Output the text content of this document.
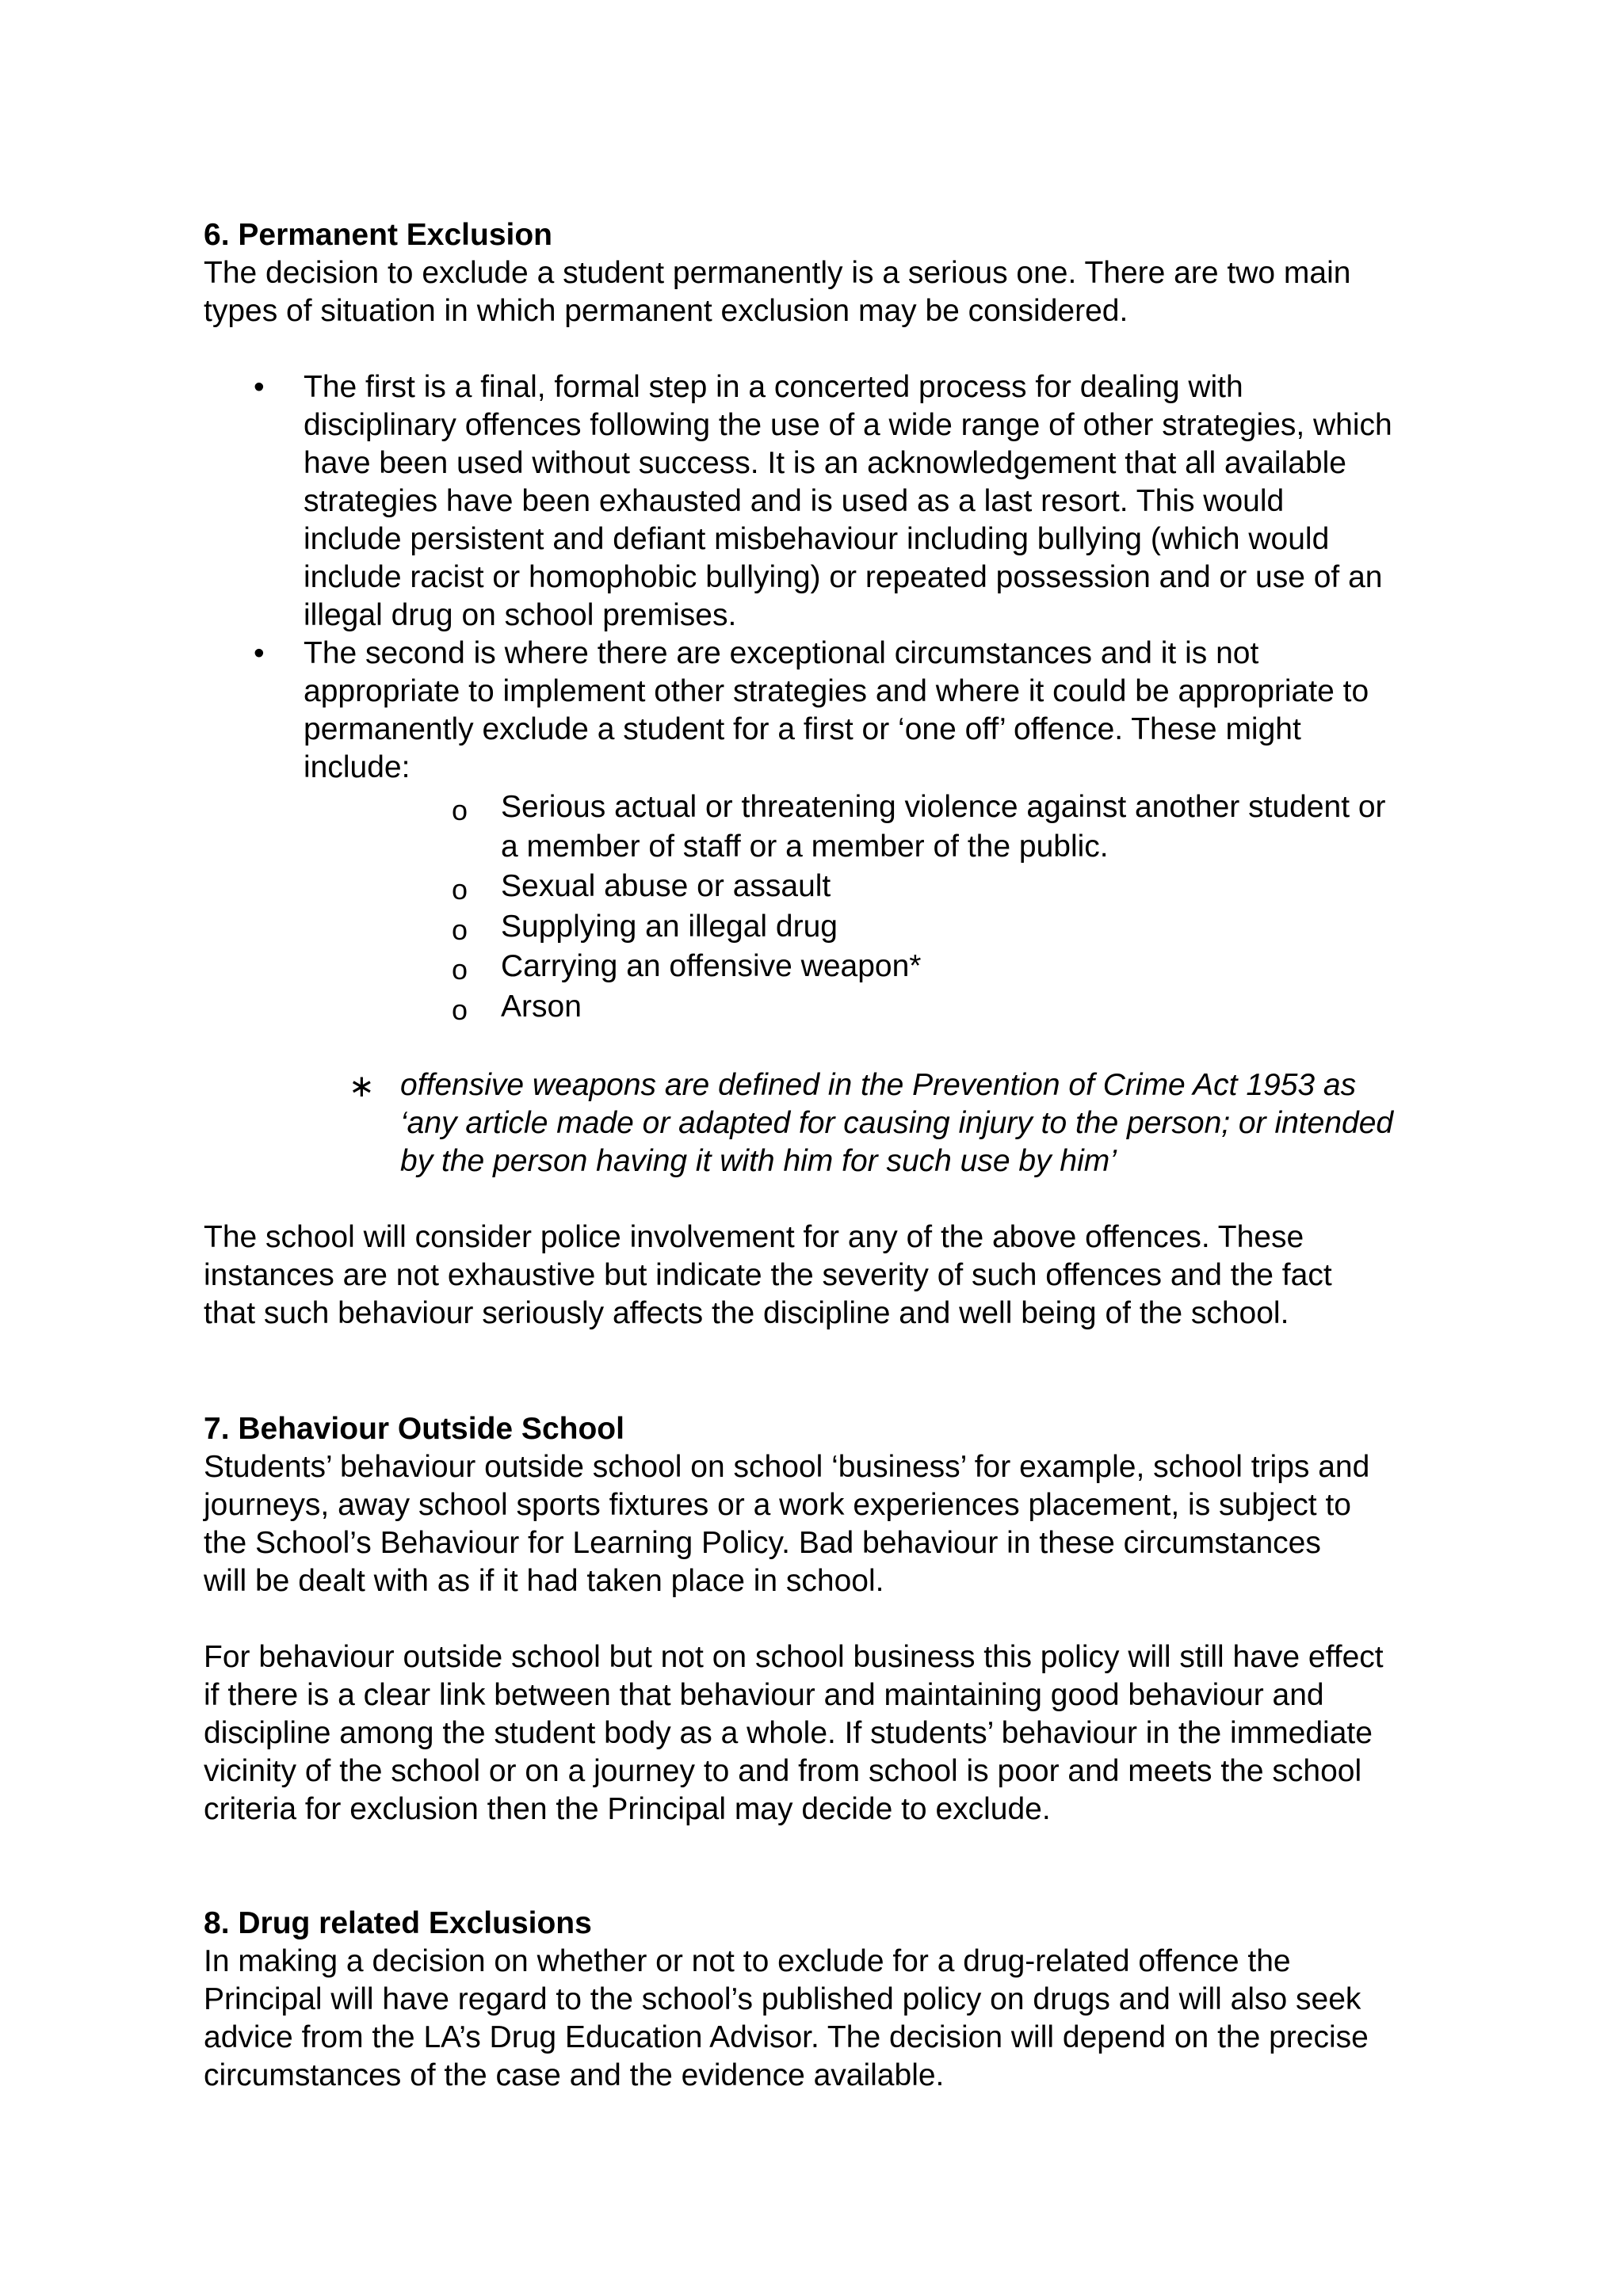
6. Permanent Exclusion
The decision to exclude a student permanently is a serious one. There are two main
types of situation in which permanent exclusion may be considered.
• The first is a final, formal step in a concerted process for dealing with
disciplinary offences following the use of a wide range of other strategies, which
have been used without success. It is an acknowledgement that all available
strategies have been exhausted and is used as a last resort. This would
include persistent and defiant misbehaviour including bullying (which would
include racist or homophobic bullying) or repeated possession and or use of an
illegal drug on school premises.
• The second is where there are exceptional circumstances and it is not
appropriate to implement other strategies and where it could be appropriate to
permanently exclude a student for a first or ‘one off’ offence. These might
include:
o Serious actual or threatening violence against another student or
a member of staff or a member of the public.
o Sexual abuse or assault
o Supplying an illegal drug
o Carrying an offensive weapon*
o Arson
∗ offensive weapons are defined in the Prevention of Crime Act 1953 as
‘any article made or adapted for causing injury to the person; or intended
by the person having it with him for such use by him’
The school will consider police involvement for any of the above offences. These
instances are not exhaustive but indicate the severity of such offences and the fact
that such behaviour seriously affects the discipline and well being of the school.
7. Behaviour Outside School
Students’ behaviour outside school on school ‘business’ for example, school trips and
journeys, away school sports fixtures or a work experiences placement, is subject to
the School’s Behaviour for Learning Policy. Bad behaviour in these circumstances
will be dealt with as if it had taken place in school.
For behaviour outside school but not on school business this policy will still have effect
if there is a clear link between that behaviour and maintaining good behaviour and
discipline among the student body as a whole. If students’ behaviour in the immediate
vicinity of the school or on a journey to and from school is poor and meets the school
criteria for exclusion then the Principal may decide to exclude.
8. Drug related Exclusions
In making a decision on whether or not to exclude for a drug-related offence the
Principal will have regard to the school’s published policy on drugs and will also seek
advice from the LA’s Drug Education Advisor. The decision will depend on the precise
circumstances of the case and the evidence available.
